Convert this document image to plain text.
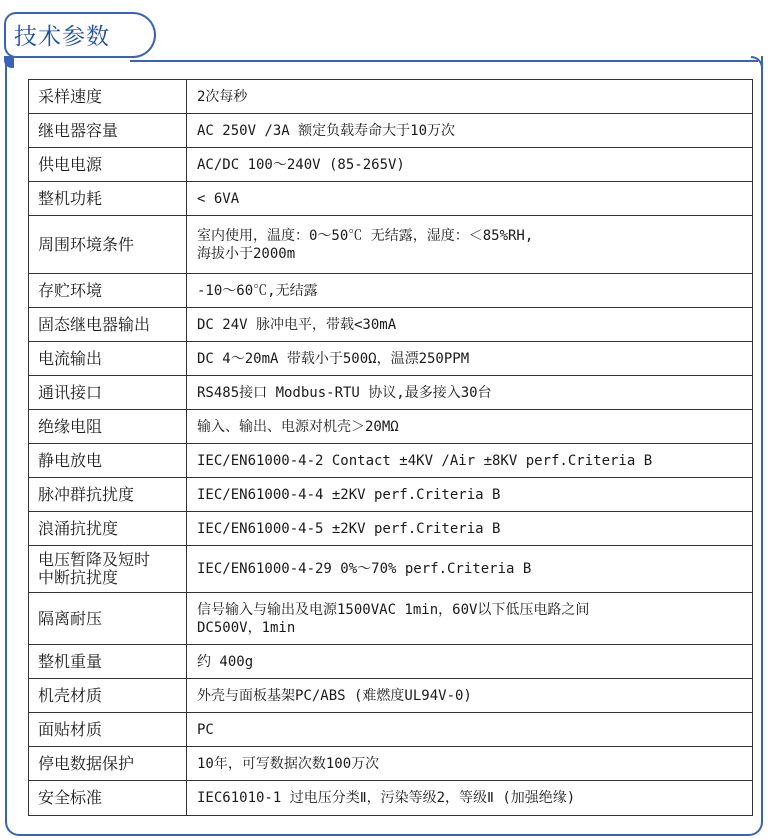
技术参数
采样速度	2次每秒

继电器容量	AC 250V /3A 额定负载寿命大于10万次

供电电源	AC/DC 100～240V (85-265V)

整机功耗	< 6VA

周围环境条件	室内使用，温度：0～50℃ 无结露，湿度：＜85%RH,
海拔小于2000m

存贮环境	-10～60℃,无结露

固态继电器输出	DC 24V 脉冲电平，带载<30mA

电流输出	DC 4～20mA 带载小于500Ω，温漂250PPM

通讯接口	RS485接口 Modbus-RTU 协议,最多接入30台

绝缘电阻	输入、输出、电源对机壳＞20MΩ

静电放电	IEC/EN61000-4-2 Contact ±4KV /Air ±8KV perf.Criteria B

脉冲群抗扰度	IEC/EN61000-4-4 ±2KV perf.Criteria B

浪涌抗扰度	IEC/EN61000-4-5 ±2KV perf.Criteria B

电压暂降及短时
中断抗扰度	IEC/EN61000-4-29 0%～70% perf.Criteria B

隔离耐压	信号输入与输出及电源1500VAC 1min，60V以下低压电路之间
DC500V，1min

整机重量	约 400g

机壳材质	外壳与面板基架PC/ABS (难燃度UL94V-0)

面贴材质	PC

停电数据保护	10年，可写数据次数100万次

安全标准	IEC61010-1 过电压分类Ⅱ，污染等级2，等级Ⅱ (加强绝缘)
